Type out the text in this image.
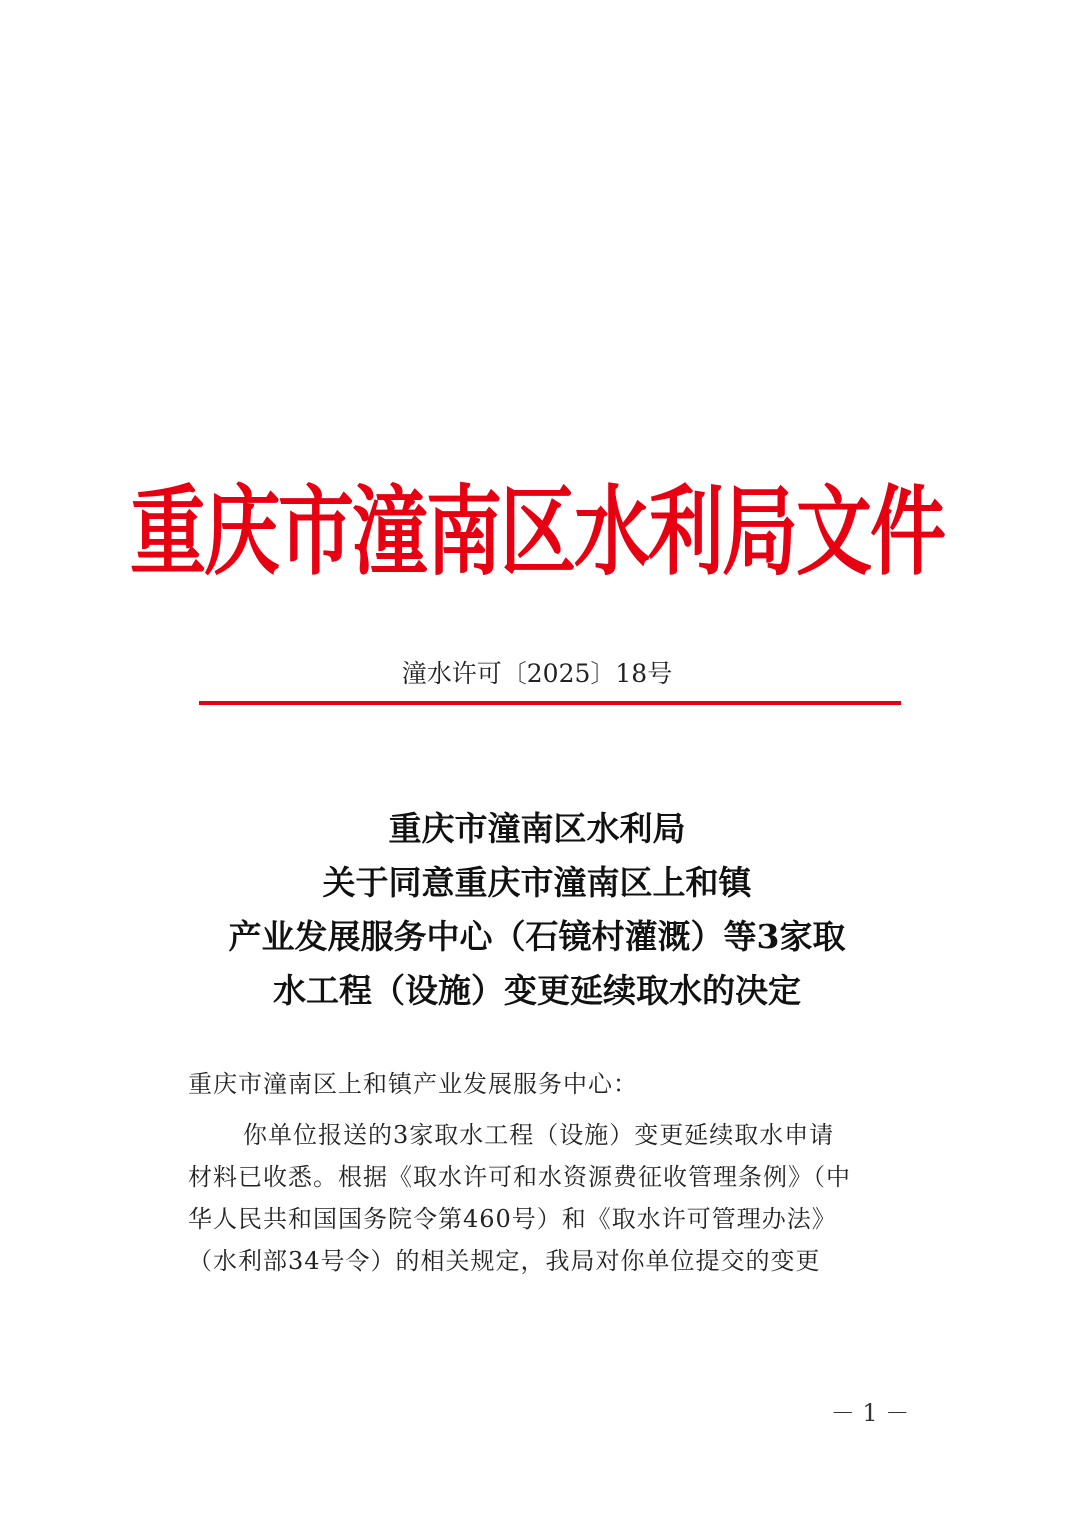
重庆市潼南区水利局文件
潼水许可〔2025〕18号
重庆市潼南区水利局
关于同意重庆市潼南区上和镇
产业发展服务中心（石镜村灌溉）等3家取
水工程（设施）变更延续取水的决定
重庆市潼南区上和镇产业发展服务中心：
你单位报送的3家取水工程（设施）变更延续取水申请
材料已收悉。根据《取水许可和水资源费征收管理条例》（中
华人民共和国国务院令第460号）和《取水许可管理办法》
（水利部34号令）的相关规定，我局对你单位提交的变更
－ 1 －
